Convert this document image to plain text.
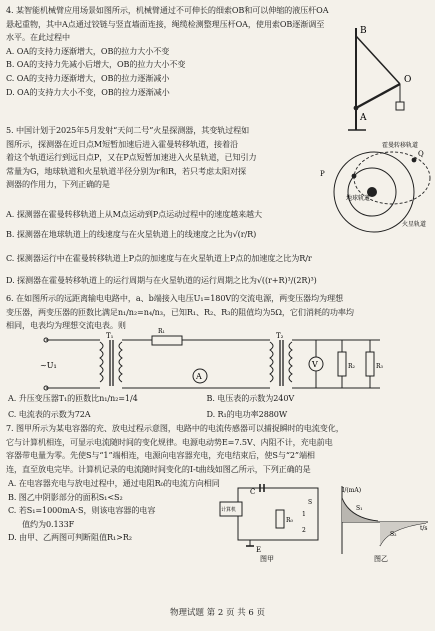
4. 某智能机械臂应用场景如图所示，机械臂通过不可伸长的细索OB和可以伸缩的液压杆OA
悬起重物，其中A点通过铰链与竖直墙面连接，绳缆检测整理压杆OA，使用索OB逐渐调至
水平。在此过程中
A. OA的支持力逐渐增大，OB的拉力大小不变
B. OA的支持力先减小后增大，OB的拉力大小不变
C. OA的支持力逐渐增大，OB的拉力逐渐减小
D. OA的支持力大小不变，OB的拉力逐渐减小
B
O
A
5. 中国计划于2025年5月发射“天问二号”火星探测器，其变轨过程如
图所示，探测器在近日点M短暂加速后进入霍曼转移轨道，接着沿
着这个轨道运行到远日点P，又在P点短暂加速进入火星轨道，已知引力
常量为G，地球轨道和火星轨道半径分别为r和R，若只考虑太阳对探
测器的作用力，下列正确的是
A. 探测器在霍曼转移轨道上从M点运动到P点运动过程中的速度越来越大
B. 探测器在地球轨道上的线速度与在火星轨道上的线速度之比为√(r/R)
C. 探测器运行中在霍曼转移轨道上P点的加速度与在火星轨道上P点的加速度之比为R/r
D. 探测器在霍曼转移轨道上的运行周期与在火星轨道的运行周期之比为√((r+R)³/(2R)³)
P
Q
霍曼转移轨道
地球轨道
火星轨道
6. 在如图所示的远距离输电电路中，a、b端接入电压U₁=180V的交流电源，两变压器均为理想
变压器，两变压器的匝数比满足n₁/n₂=n₄/n₃，已知R₁、R₂、R₃的阻值均为5Ω，它们消耗的功率均
相同，电表均为理想交流电表。则
~U₁
T₁
R₁
A
T₂
V	R₂	R₃
A. 升压变压器T₁的匝数比n₁/n₂=1/4	B. 电压表的示数为240V
C. 电流表的示数为72A	D. R₁的电功率2880W
7. 图甲所示为某电容器的充、放电过程示意图，电路中的电流传感器可以捕捉瞬时的电流变化，
它与计算机相连，可显示电流随时间的变化规律。电源电动势E=7.5V、内阻不计，充电前电
容器带电量为零。先使S与“1”端相连，电源向电容器充电，充电结束后，使S与“2”端相
连，直至放电完毕。计算机记录的电流随时间变化的I-t曲线如图乙所示，下列正确的是
A. 在电容器充电与放电过程中，通过电阻R₀的电流方向相同
B. 图乙中阴影部分的面积S₁<S₂
C. 若S₁=1000mA·S，则该电容器的电容
值约为0.133F
D. 由甲、乙两图可判断阻值R₁>R₂
C
计算机
R₀
S
1
2
E
图甲
I/(mA)
t/s
S₁
S₂
图乙
物理试题 第 2 页 共 6 页
